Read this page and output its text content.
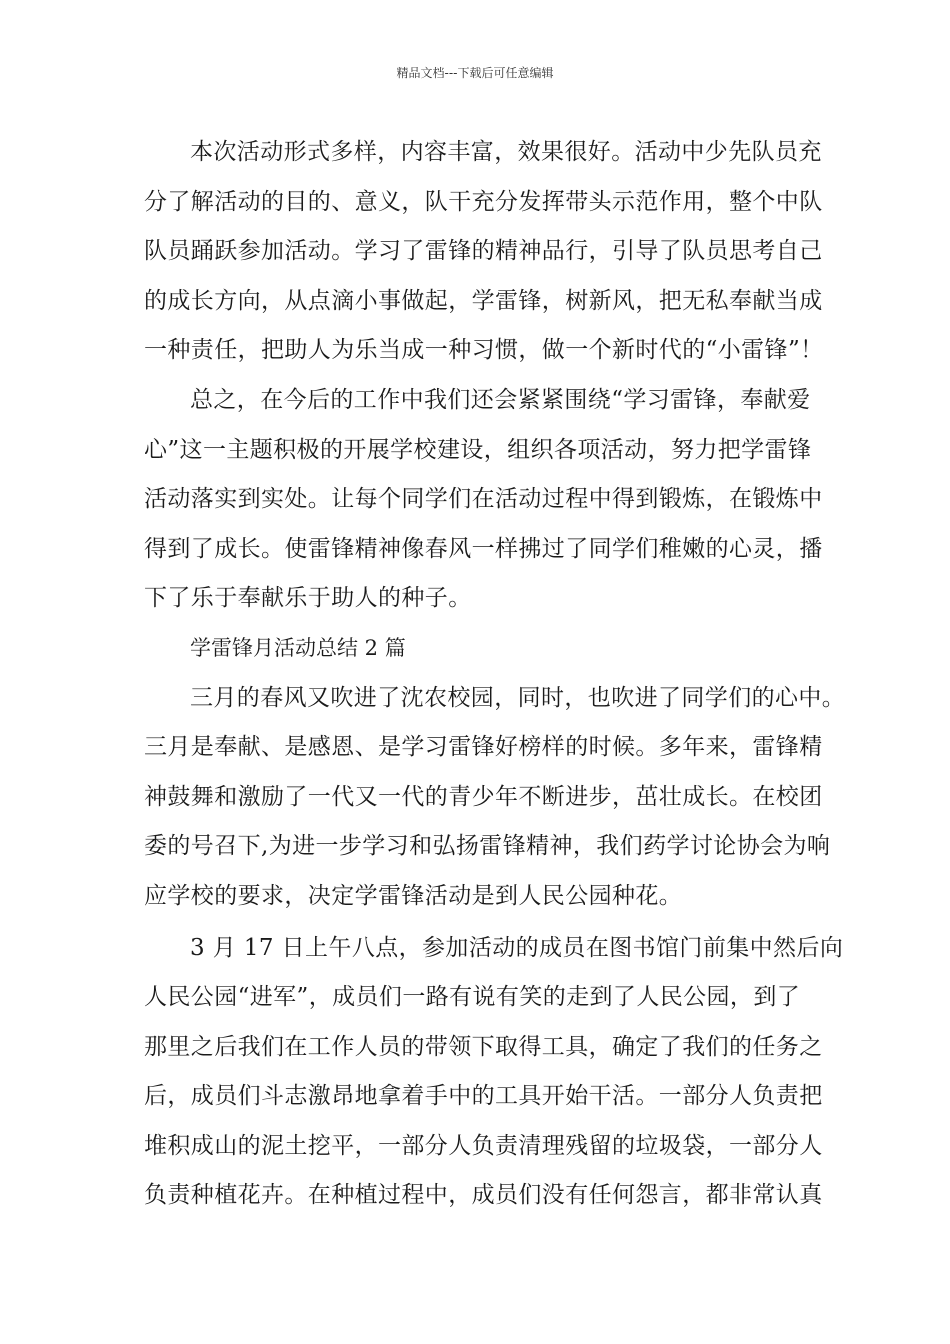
精品文档---下载后可任意编辑
本次活动形式多样，内容丰富，效果很好。活动中少先队员充
分了解活动的目的、意义，队干充分发挥带头示范作用，整个中队
队员踊跃参加活动。学习了雷锋的精神品行，引导了队员思考自己
的成长方向，从点滴小事做起，学雷锋，树新风，把无私奉献当成
一种责任，把助人为乐当成一种习惯，做一个新时代的“小雷锋”！
总之，在今后的工作中我们还会紧紧围绕“学习雷锋，奉献爱
心”这一主题积极的开展学校建设，组织各项活动，努力把学雷锋
活动落实到实处。让每个同学们在活动过程中得到锻炼，在锻炼中
得到了成长。使雷锋精神像春风一样拂过了同学们稚嫩的心灵，播
下了乐于奉献乐于助人的种子。
学雷锋月活动总结 2 篇
三月的春风又吹进了沈农校园，同时，也吹进了同学们的心中。
三月是奉献、是感恩、是学习雷锋好榜样的时候。多年来，雷锋精
神鼓舞和激励了一代又一代的青少年不断进步，茁壮成长。在校团
委的号召下,为进一步学习和弘扬雷锋精神，我们药学讨论协会为响
应学校的要求，决定学雷锋活动是到人民公园种花。
3 月 17 日上午八点，参加活动的成员在图书馆门前集中然后向
人民公园“进军”，成员们一路有说有笑的走到了人民公园，到了
那里之后我们在工作人员的带领下取得工具，确定了我们的任务之
后，成员们斗志激昂地拿着手中的工具开始干活。一部分人负责把
堆积成山的泥土挖平，一部分人负责清理残留的垃圾袋，一部分人
负责种植花卉。在种植过程中，成员们没有任何怨言，都非常认真
